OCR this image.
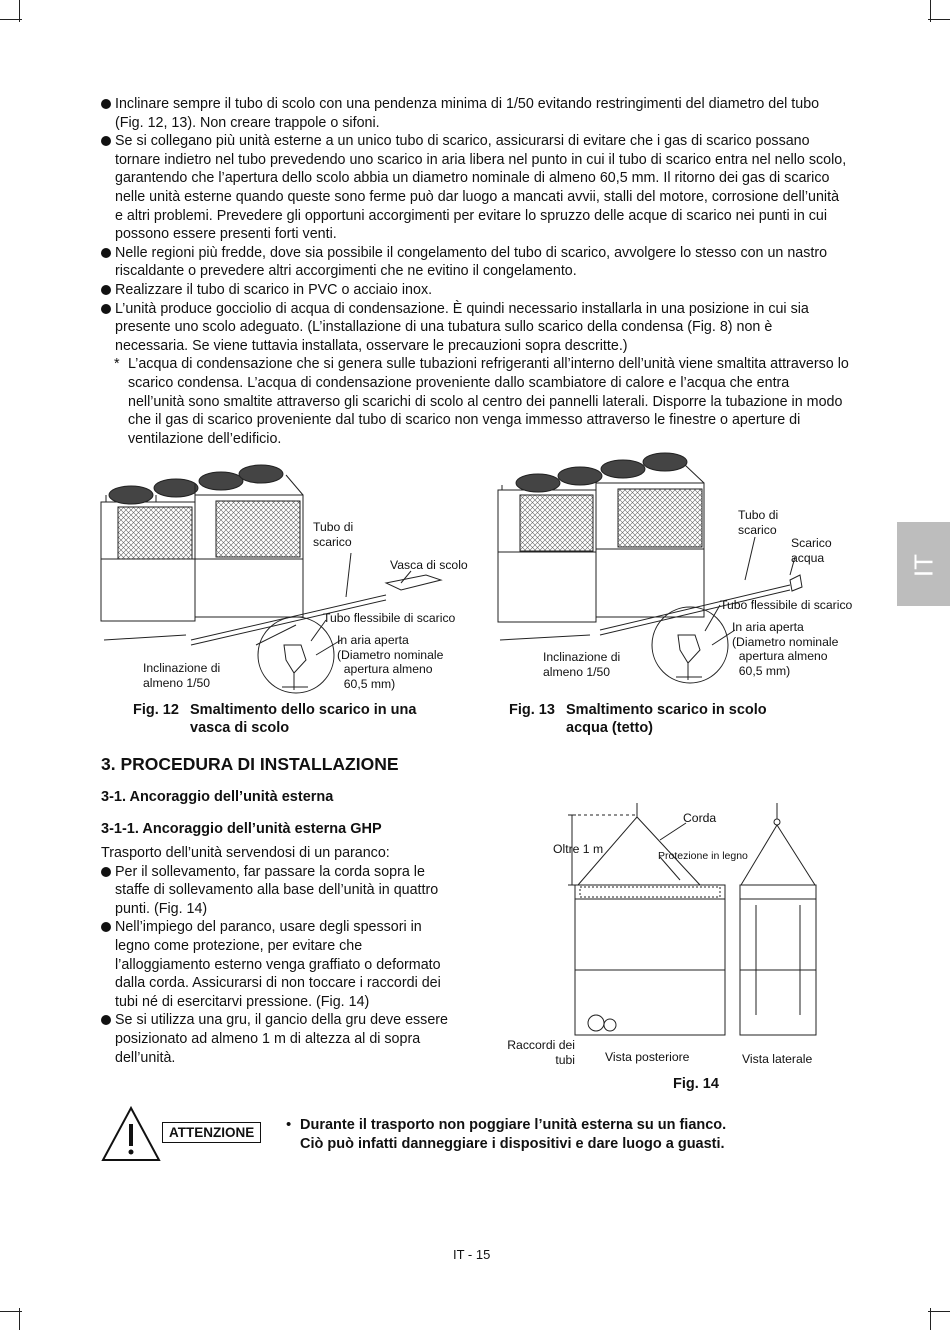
IT
Inclinare sempre il tubo di scolo con una pendenza minima di 1/50 evitando restringimenti del diametro del tubo (Fig. 12, 13). Non creare trappole o sifoni.
Se si collegano più unità esterne a un unico tubo di scarico, assicurarsi di evitare che i gas di scarico possano tornare indietro nel tubo prevedendo uno scarico in aria libera nel punto in cui il tubo di scarico entra nel nello scolo, garantendo che l’apertura dello scolo abbia un diametro nominale di almeno 60,5 mm. Il ritorno dei gas di scarico nelle unità esterne quando queste sono ferme può dar luogo a mancati avvii, stalli del motore, corrosione dell’unità e altri problemi. Prevedere gli opportuni accorgimenti per evitare lo spruzzo delle acque di scarico nei punti in cui possono essere presenti forti venti.
Nelle regioni più fredde, dove sia possibile il congelamento del tubo di scarico, avvolgere lo stesso con un nastro riscaldante o prevedere altri accorgimenti che ne evitino il congelamento.
Realizzare il tubo di scarico in PVC o acciaio inox.
L’unità produce gocciolio di acqua di condensazione. È quindi necessario installarla in una posizione in cui sia presente uno scolo adeguato. (L’installazione di una tubatura sullo scarico della condensa (Fig. 8) non è necessaria. Se viene tuttavia installata, osservare le precauzioni sopra descritte.)
* L’acqua di condensazione che si genera sulle tubazioni refrigeranti all’interno dell’unità viene smaltita attraverso lo scarico condensa. L’acqua di condensazione proveniente dallo scambiatore di calore e l’acqua che entra nell’unità sono smaltite attraverso gli scarichi di scolo al centro dei pannelli laterali. Disporre la tubazione in modo che il gas di scarico proveniente dal tubo di scarico non venga immesso attraverso le finestre o aperture di ventilazione dell’edificio.
Tubo di
scarico
Vasca di scolo
Tubo flessibile di scarico
In aria aperta
(Diametro nominale
apertura almeno
60,5 mm)
Inclinazione di
almeno 1/50
Fig. 12 Smaltimento dello scarico in una
vasca di scolo
Tubo di
scarico
Scarico
acqua
Tubo flessibile di scarico
In aria aperta
(Diametro nominale
apertura almeno
60,5 mm)
Inclinazione di
almeno 1/50
Fig. 13 Smaltimento scarico in scolo
acqua (tetto)
3. PROCEDURA DI INSTALLAZIONE
3-1. Ancoraggio dell’unità esterna
3-1-1. Ancoraggio dell’unità esterna GHP
Trasporto dell’unità servendosi di un paranco:
Per il sollevamento, far passare la corda sopra le staffe di sollevamento alla base dell’unità in quattro punti. (Fig. 14)
Nell’impiego del paranco, usare degli spessori in legno come protezione, per evitare che l’alloggiamento esterno venga graffiato o deformato dalla corda. Assicurarsi di non toccare i raccordi dei tubi né di esercitarvi pressione. (Fig. 14)
Se si utilizza una gru, il gancio della gru deve essere posizionato ad almeno 1 m di altezza al di sopra dell’unità.
Corda
Oltre 1 m	Protezione in legno
Raccordi dei
tubi Vista posteriore	Vista laterale
Fig. 14
ATTENZIONE	• Durante il trasporto non poggiare l’unità esterna su un fianco.
Ciò può infatti danneggiare i dispositivi e dare luogo a guasti.
IT - 15
